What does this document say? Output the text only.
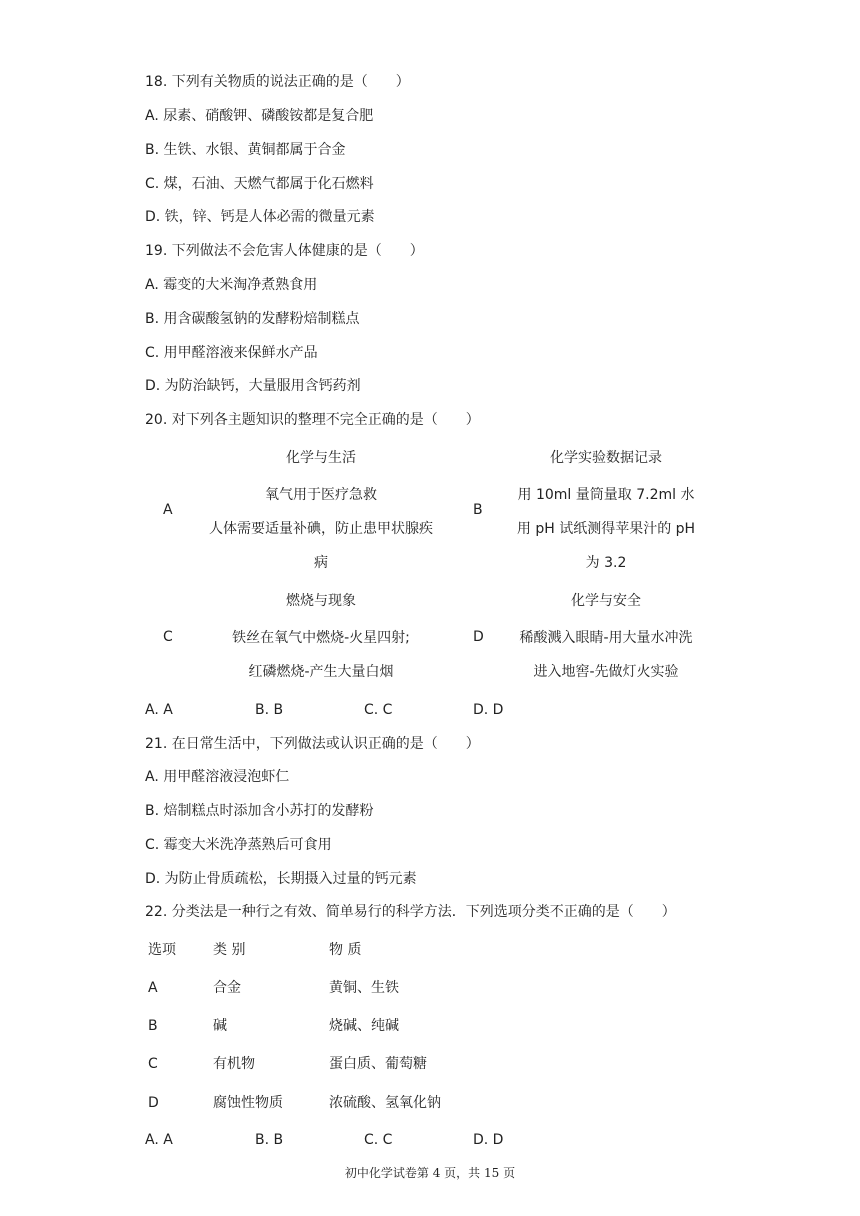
18. 下列有关物质的说法正确的是（　　）
A. 尿素、硝酸钾、磷酸铵都是复合肥
B. 生铁、水银、黄铜都属于合金
C. 煤，石油、天燃气都属于化石燃料
D. 铁，锌、钙是人体必需的微量元素
19. 下列做法不会危害人体健康的是（　　）
A. 霉变的大米淘净煮熟食用
B. 用含碳酸氢钠的发酵粉焙制糕点
C. 用甲醛溶液来保鲜水产品
D. 为防治缺钙，大量服用含钙药剂
20. 对下列各主题知识的整理不完全正确的是（　　）
A
化学与生活
氧气用于医疗急救
人体需要适量补碘，防止患甲状腺疾
病
B
化学实验数据记录
用 10ml 量筒量取 7.2ml 水
用 pH 试纸测得苹果汁的 pH
为 3.2
C
燃烧与现象
铁丝在氧气中燃烧-火星四射;
红磷燃烧-产生大量白烟
D
化学与安全
稀酸溅入眼睛-用大量水冲洗
进入地窖-先做灯火实验
A. A	B. B	C. C	D. D
21. 在日常生活中，下列做法或认识正确的是（　　）
A. 用甲醛溶液浸泡虾仁
B. 焙制糕点时添加含小苏打的发酵粉
C. 霉变大米洗净蒸熟后可食用
D. 为防止骨质疏松，长期摄入过量的钙元素
22. 分类法是一种行之有效、简单易行的科学方法．下列选项分类不正确的是（　　）
选项	类 别	物 质
A	合金	黄铜、生铁
B	碱	烧碱、纯碱
C	有机物	蛋白质、葡萄糖
D	腐蚀性物质	浓硫酸、氢氧化钠
A. A	B. B	C. C	D. D
初中化学试卷第 4 页，共 15 页
